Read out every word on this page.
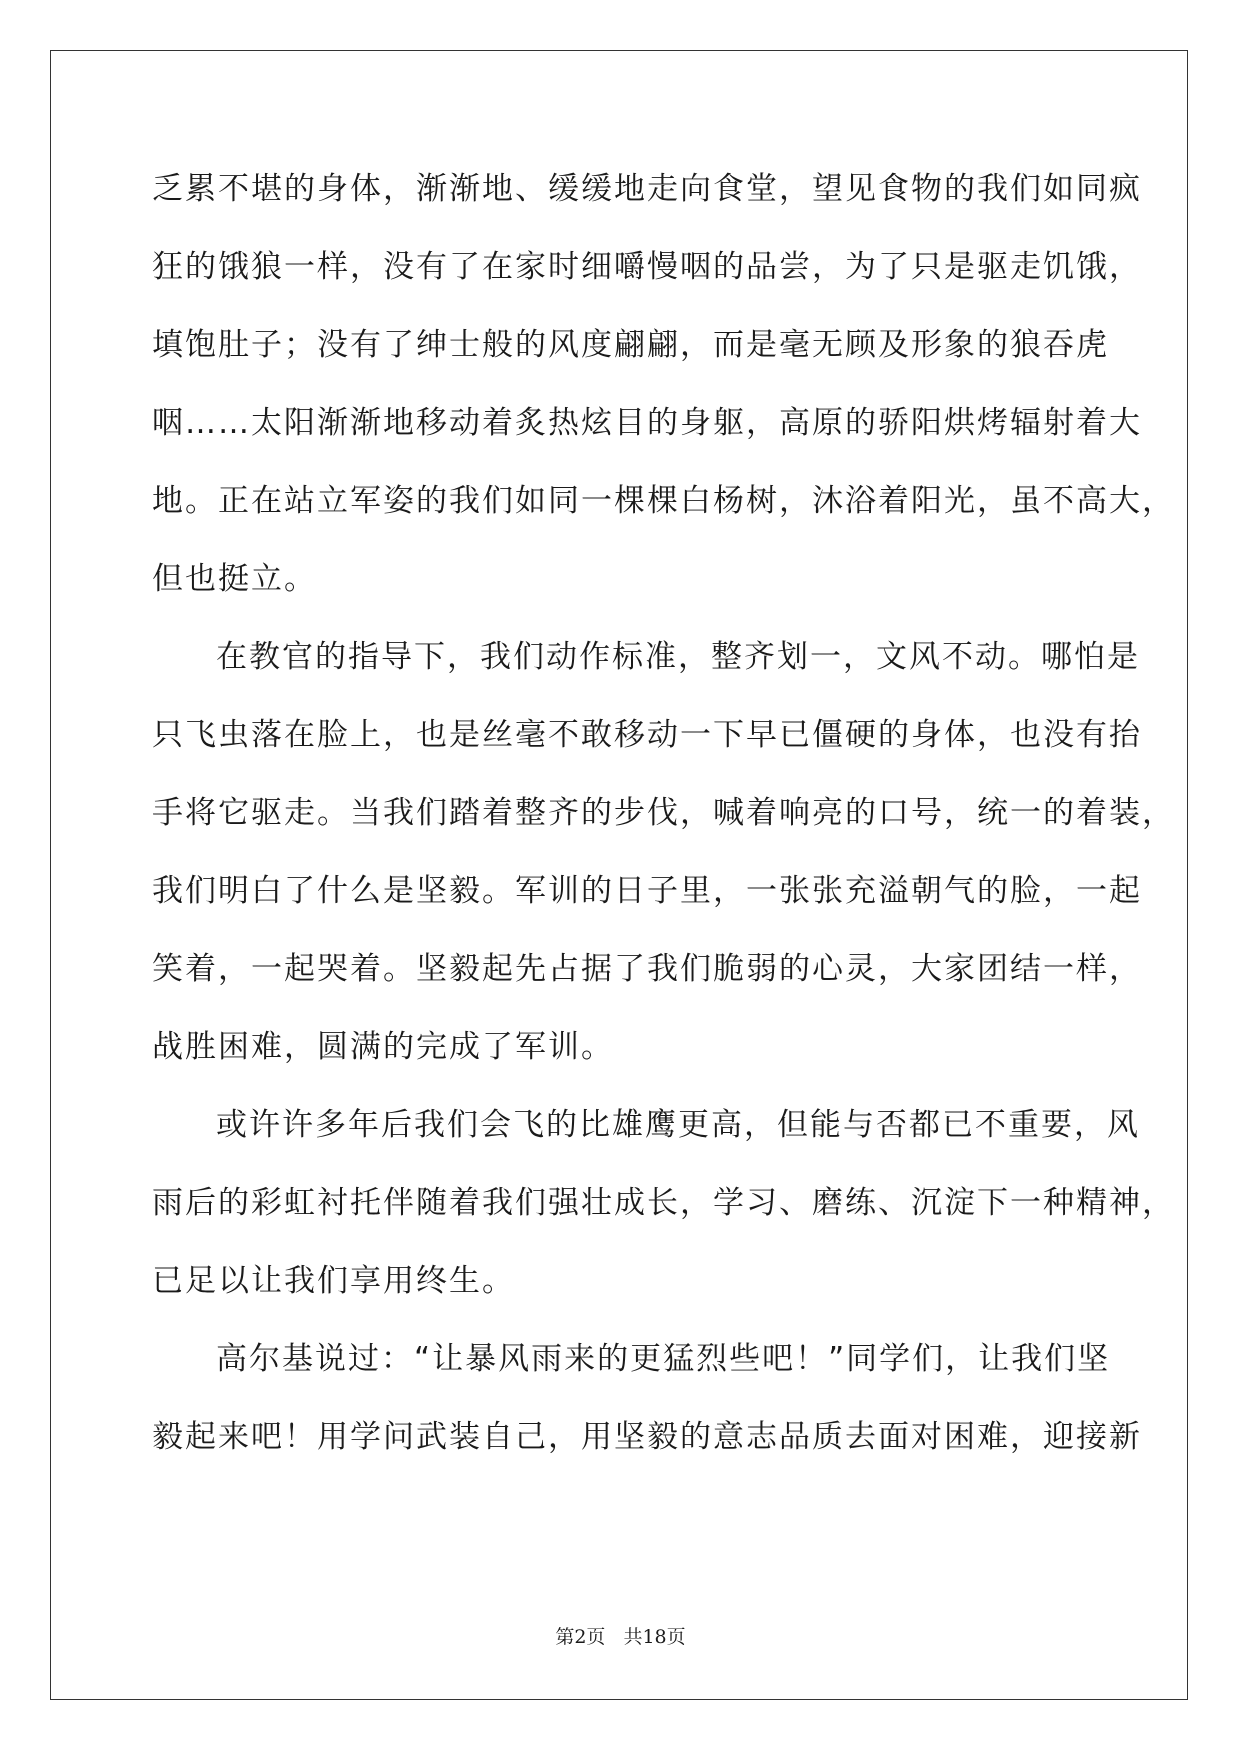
乏 累 不 堪 的 身 体 ， 渐 渐 地 、 缓 缓 地 走 向 食 堂 ， 望 见 食 物 的 我 们 如 同 疯
狂 的 饿 狼 一 样 ， 没 有 了 在 家 时 细 嚼 慢 咽 的 品 尝 ， 为 了 只 是 驱 走 饥 饿 ，
填 饱 肚 子 ； 没 有 了 绅 士 般 的 风 度 翩 翩 ， 而 是 毫 无 顾 及 形 象 的 狼 吞 虎
咽 … … 太 阳 渐 渐 地 移 动 着 炙 热 炫 目 的 身 躯 ， 高 原 的 骄 阳 烘 烤 辐 射 着 大
地 。 正 在 站 立 军 姿 的 我 们 如 同 一 棵 棵 白 杨 树 ， 沐 浴 着 阳 光 ， 虽 不 高 大 ，
但也挺立。
在 教 官 的 指 导 下 ， 我 们 动 作 标 准 ， 整 齐 划 一 ， 文 风 不 动 。 哪 怕 是
只 飞 虫 落 在 脸 上 ， 也 是 丝 毫 不 敢 移 动 一 下 早 已 僵 硬 的 身 体 ， 也 没 有 抬
手 将 它 驱 走 。 当 我 们 踏 着 整 齐 的 步 伐 ， 喊 着 响 亮 的 口 号 ， 统 一 的 着 装 ，
我 们 明 白 了 什 么 是 坚 毅 。 军 训 的 日 子 里 ， 一 张 张 充 溢 朝 气 的 脸 ， 一 起
笑 着 ， 一 起 哭 着 。 坚 毅 起 先 占 据 了 我 们 脆 弱 的 心 灵 ， 大 家 团 结 一 样 ，
战胜困难，圆满的完成了军训。
或 许 许 多 年 后 我 们 会 飞 的 比 雄 鹰 更 高 ， 但 能 与 否 都 已 不 重 要 ， 风
雨 后 的 彩 虹 衬 托 伴 随 着 我 们 强 壮 成 长 ， 学 习 、 磨 练 、 沉 淀 下 一 种 精 神 ，
已足以让我们享用终生。
高 尔 基 说 过 ： “ 让 暴 风 雨 来 的 更 猛 烈 些 吧 ！ ” 同 学 们 ， 让 我 们 坚
毅 起 来 吧 ！ 用 学 问 武 装 自 己 ， 用 坚 毅 的 意 志 品 质 去 面 对 困 难 ， 迎 接 新
第2页 共18页
